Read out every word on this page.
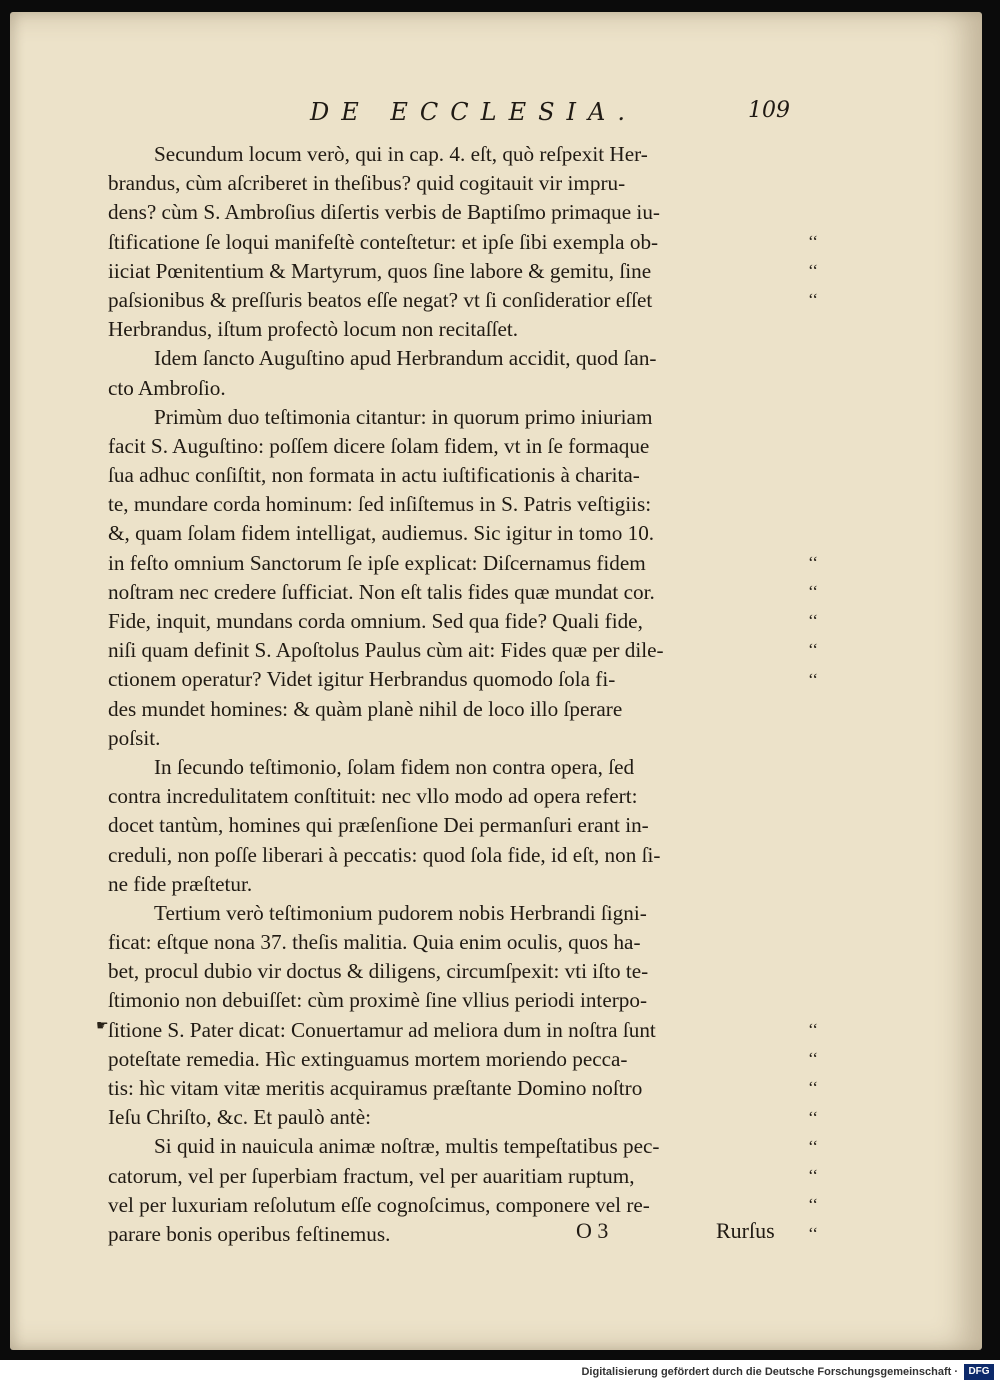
DE ECCLESIA.	109
Secundum locum verò, qui in cap. 4. eſt, quò reſpexit Her-
brandus, cùm aſcriberet in theſibus? quid cogitauit vir impru-
dens? cùm S. Ambroſius diſertis verbis de Baptiſmo primaque iu-
ſtificatione ſe loqui manifeſtè conteſtetur: et ipſe ſibi exempla ob-
iiciat Pœnitentium & Martyrum, quos ſine labore & gemitu, ſine
paſsionibus & preſſuris beatos eſſe negat? vt ſi conſideratior eſſet
Herbrandus, iſtum profectò locum non recitaſſet.
Idem ſancto Auguſtino apud Herbrandum accidit, quod ſan-
cto Ambroſio.
Primùm duo teſtimonia citantur: in quorum primo iniuriam
facit S. Auguſtino: poſſem dicere ſolam fidem, vt in ſe formaque
ſua adhuc conſiſtit, non formata in actu iuſtificationis à charita-
te, mundare corda hominum: ſed inſiſtemus in S. Patris veſtigiis:
&, quam ſolam fidem intelligat, audiemus. Sic igitur in tomo 10.
in feſto omnium Sanctorum ſe ipſe explicat: Diſcernamus fidem
noſtram nec credere ſufficiat. Non eſt talis fides quæ mundat cor.
Fide, inquit, mundans corda omnium. Sed qua fide? Quali fide,
niſi quam definit S. Apoſtolus Paulus cùm ait: Fides quæ per dile-
ctionem operatur? Videt igitur Herbrandus quomodo ſola fi-
des mundet homines: & quàm planè nihil de loco illo ſperare
poſsit.
In ſecundo teſtimonio, ſolam fidem non contra opera, ſed
contra incredulitatem conſtituit: nec vllo modo ad opera refert:
docet tantùm, homines qui præſenſione Dei permanſuri erant in-
creduli, non poſſe liberari à peccatis: quod ſola fide, id eſt, non ſi-
ne fide præſtetur.
Tertium verò teſtimonium pudorem nobis Herbrandi ſigni-
ficat: eſtque nona 37. theſis malitia. Quia enim oculis, quos ha-
bet, procul dubio vir doctus & diligens, circumſpexit: vti iſto te-
ſtimonio non debuiſſet: cùm proximè ſine vllius periodi interpo-
ſitione S. Pater dicat: Conuertamur ad meliora dum in noſtra ſunt
poteſtate remedia. Hìc extinguamus mortem moriendo pecca-
tis: hìc vitam vitæ meritis acquiramus præſtante Domino noſtro
Ieſu Chriſto, &c. Et paulò antè:
Si quid in nauicula animæ noſtræ, multis tempeſtatibus pec-
catorum, vel per ſuperbiam fractum, vel per auaritiam ruptum,
vel per luxuriam reſolutum eſſe cognoſcimus, componere vel re-
parare bonis operibus feſtinemus.
☛
O 3	Rurſus
‘‘
‘‘
‘‘
‘‘
‘‘
‘‘
‘‘
‘‘
‘‘
‘‘
‘‘
‘‘
‘‘
‘‘
‘‘
‘‘
Digitalisierung gefördert durch die Deutsche Forschungsgemeinschaft ·	DFG
